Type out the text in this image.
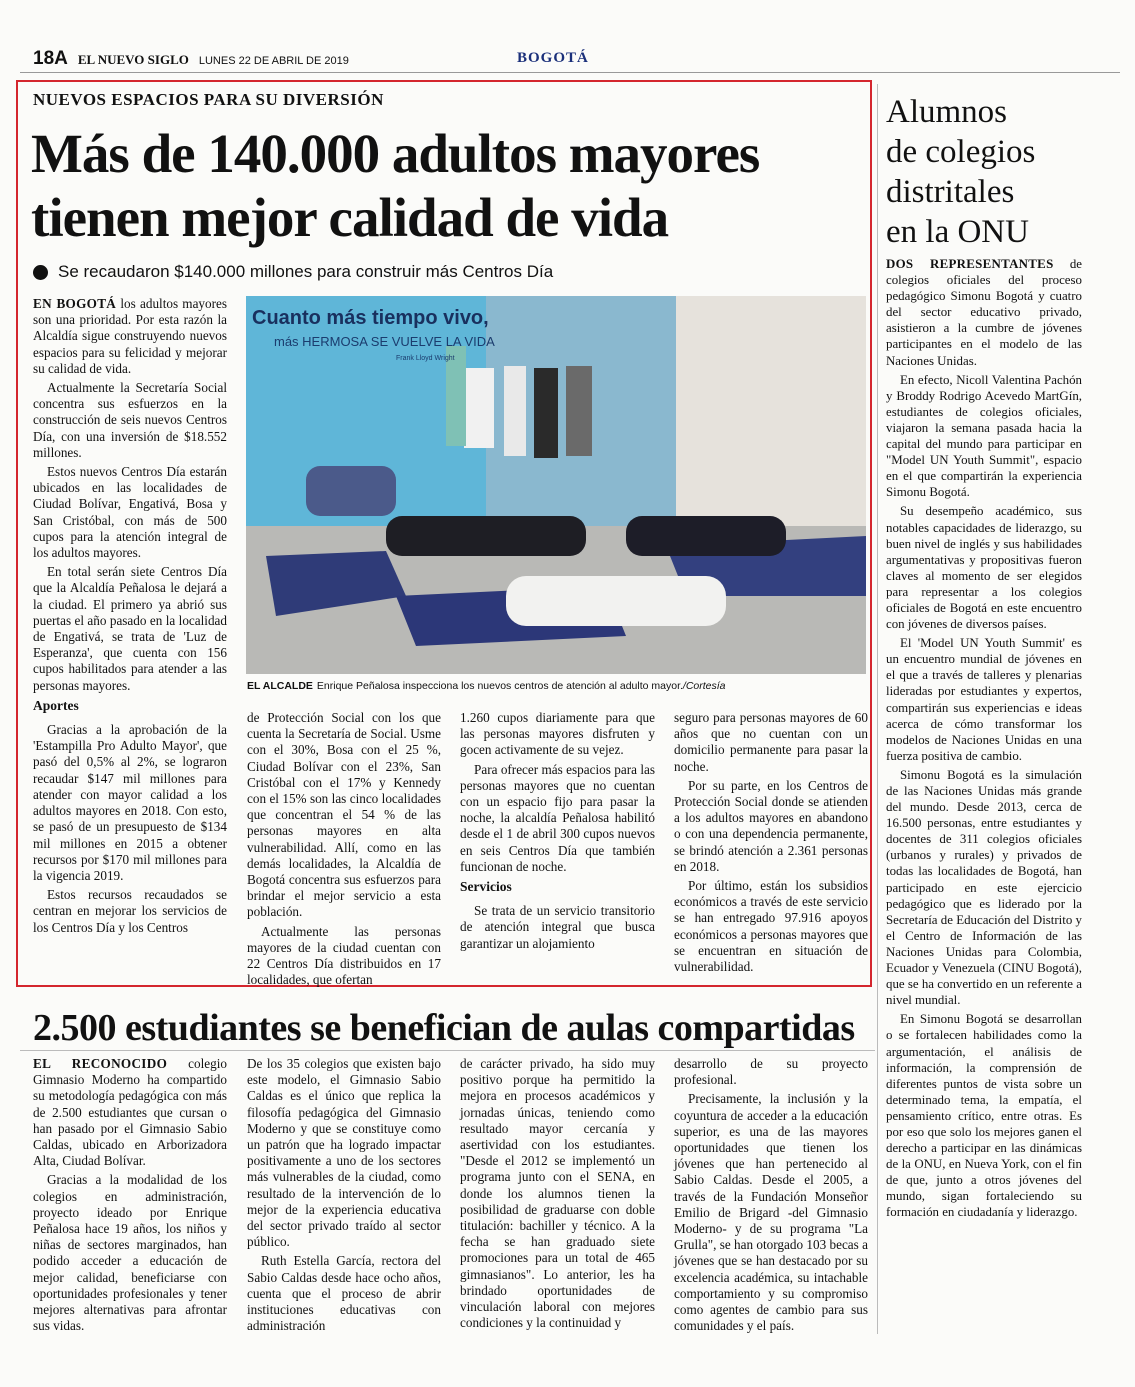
18A EL NUEVO SIGLO LUNES 22 DE ABRIL DE 2019	BOGOTÁ
NUEVOS ESPACIOS PARA SU DIVERSIÓN
Más de 140.000 adultos mayores
tienen mejor calidad de vida
Se recaudaron $140.000 millones para construir más Centros Día

EN BOGOTÁ los adultos mayores son una prioridad. Por esta razón la Alcaldía sigue construyendo nuevos espacios para su felicidad y mejorar su calidad de vida.

Actualmente la Secretaría Social concentra sus esfuerzos en la construcción de seis nuevos Centros Día, con una inversión de $18.552 millones.

Estos nuevos Centros Día estarán ubicados en las localidades de Ciudad Bolívar, Engativá, Bosa y San Cristóbal, con más de 500 cupos para la atención integral de los adultos mayores.

En total serán siete Centros Día que la Alcaldía Peñalosa le dejará a la ciudad. El primero ya abrió sus puertas el año pasado en la localidad de Engativá, se trata de 'Luz de Esperanza', que cuenta con 156 cupos habilitados para atender a las personas mayores.

Aportes

Gracias a la aprobación de la 'Estampilla Pro Adulto Mayor', que pasó del 0,5% al 2%, se lograron recaudar $147 mil millones para atender con mayor calidad a los adultos mayores en 2018. Con esto, se pasó de un presupuesto de $134 mil millones en 2015 a obtener recursos por $170 mil millones para la vigencia 2019.

Estos recursos recaudados se centran en mejorar los servicios de los Centros Día y los Centros

Cuanto más tiempo vivo,
más HERMOSA SE VUELVE LA VIDA
Frank Lloyd Wright
EL ALCALDE Enrique Peñalosa inspecciona los nuevos centros de atención al adulto mayor./Cortesía

de Protección Social con los que cuenta la Secretaría de Social. Usme con el 30%, Bosa con el 25 %, Ciudad Bolívar con el 23%, San Cristóbal con el 17% y Kennedy con el 15% son las cinco localidades que concentran el 54 % de las personas mayores en alta vulnerabilidad. Allí, como en las demás localidades, la Alcaldía de Bogotá concentra sus esfuerzos para brindar el mejor servicio a esta población.

Actualmente las personas mayores de la ciudad cuentan con 22 Centros Día distribuidos en 17 localidades, que ofertan

1.260 cupos diariamente para que las personas mayores disfruten y gocen activamente de su vejez.

Para ofrecer más espacios para las personas mayores que no cuentan con un espacio fijo para pasar la noche, la alcaldía Peñalosa habilitó desde el 1 de abril 300 cupos nuevos en seis Centros Día que también funcionan de noche.

Servicios

Se trata de un servicio transitorio de atención integral que busca garantizar un alojamiento

seguro para personas mayores de 60 años que no cuentan con un domicilio permanente para pasar la noche.

Por su parte, en los Centros de Protección Social donde se atienden a los adultos mayores en abandono o con una dependencia permanente, se brindó atención a 2.361 personas en 2018.

Por último, están los subsidios económicos a través de este servicio se han entregado 97.916 apoyos económicos a personas mayores que se encuentran en situación de vulnerabilidad.

Alumnos
de colegios
distritales
en la ONU

DOS REPRESENTANTES de colegios oficiales del proceso pedagógico Simonu Bogotá y cuatro del sector educativo privado, asistieron a la cumbre de jóvenes participantes en el modelo de las Naciones Unidas.

En efecto, Nicoll Valentina Pachón y Broddy Rodrigo Acevedo MartGín, estudiantes de colegios oficiales, viajaron la semana pasada hacia la capital del mundo para participar en "Model UN Youth Summit", espacio en el que compartirán la experiencia Simonu Bogotá.

Su desempeño académico, sus notables capacidades de liderazgo, su buen nivel de inglés y sus habilidades argumentativas y propositivas fueron claves al momento de ser elegidos para representar a los colegios oficiales de Bogotá en este encuentro con jóvenes de diversos países.

El 'Model UN Youth Summit' es un encuentro mundial de jóvenes en el que a través de talleres y plenarias lideradas por estudiantes y expertos, compartirán sus experiencias e ideas acerca de cómo transformar los modelos de Naciones Unidas en una fuerza positiva de cambio.

Simonu Bogotá es la simulación de las Naciones Unidas más grande del mundo. Desde 2013, cerca de 16.500 personas, entre estudiantes y docentes de 311 colegios oficiales (urbanos y rurales) y privados de todas las localidades de Bogotá, han participado en este ejercicio pedagógico que es liderado por la Secretaría de Educación del Distrito y el Centro de Información de las Naciones Unidas para Colombia, Ecuador y Venezuela (CINU Bogotá), que se ha convertido en un referente a nivel mundial.

En Simonu Bogotá se desarrollan o se fortalecen habilidades como la argumentación, el análisis de información, la comprensión de diferentes puntos de vista sobre un determinado tema, la empatía, el pensamiento crítico, entre otras. Es por eso que solo los mejores ganen el derecho a participar en las dinámicas de la ONU, en Nueva York, con el fin de que, junto a otros jóvenes del mundo, sigan fortaleciendo su formación en ciudadanía y liderazgo.

2.500 estudiantes se benefician de aulas compartidas

EL RECONOCIDO colegio Gimnasio Moderno ha compartido su metodología pedagógica con más de 2.500 estudiantes que cursan o han pasado por el Gimnasio Sabio Caldas, ubicado en Arborizadora Alta, Ciudad Bolívar.

Gracias a la modalidad de los colegios en administración, proyecto ideado por Enrique Peñalosa hace 19 años, los niños y niñas de sectores marginados, han podido acceder a educación de mejor calidad, beneficiarse con oportunidades profesionales y tener mejores alternativas para afrontar sus vidas.

De los 35 colegios que existen bajo este modelo, el Gimnasio Sabio Caldas es el único que replica la filosofía pedagógica del Gimnasio Moderno y que se constituye como un patrón que ha logrado impactar positivamente a uno de los sectores más vulnerables de la ciudad, como resultado de la intervención de lo mejor de la experiencia educativa del sector privado traído al sector público.

Ruth Estella García, rectora del Sabio Caldas desde hace ocho años, cuenta que el proceso de abrir instituciones educativas con administración

de carácter privado, ha sido muy positivo porque ha permitido la mejora en procesos académicos y jornadas únicas, teniendo como resultado mayor cercanía y asertividad con los estudiantes. "Desde el 2012 se implementó un programa junto con el SENA, en donde los alumnos tienen la posibilidad de graduarse con doble titulación: bachiller y técnico. A la fecha se han graduado siete promociones para un total de 465 gimnasianos". Lo anterior, les ha brindado oportunidades de vinculación laboral con mejores condiciones y la continuidad y

desarrollo de su proyecto profesional.

Precisamente, la inclusión y la coyuntura de acceder a la educación superior, es una de las mayores oportunidades que tienen los jóvenes que han pertenecido al Sabio Caldas. Desde el 2005, a través de la Fundación Monseñor Emilio de Brigard -del Gimnasio Moderno- y de su programa "La Grulla", se han otorgado 103 becas a jóvenes que se han destacado por su excelencia académica, su intachable comportamiento y su compromiso como agentes de cambio para sus comunidades y el país.
